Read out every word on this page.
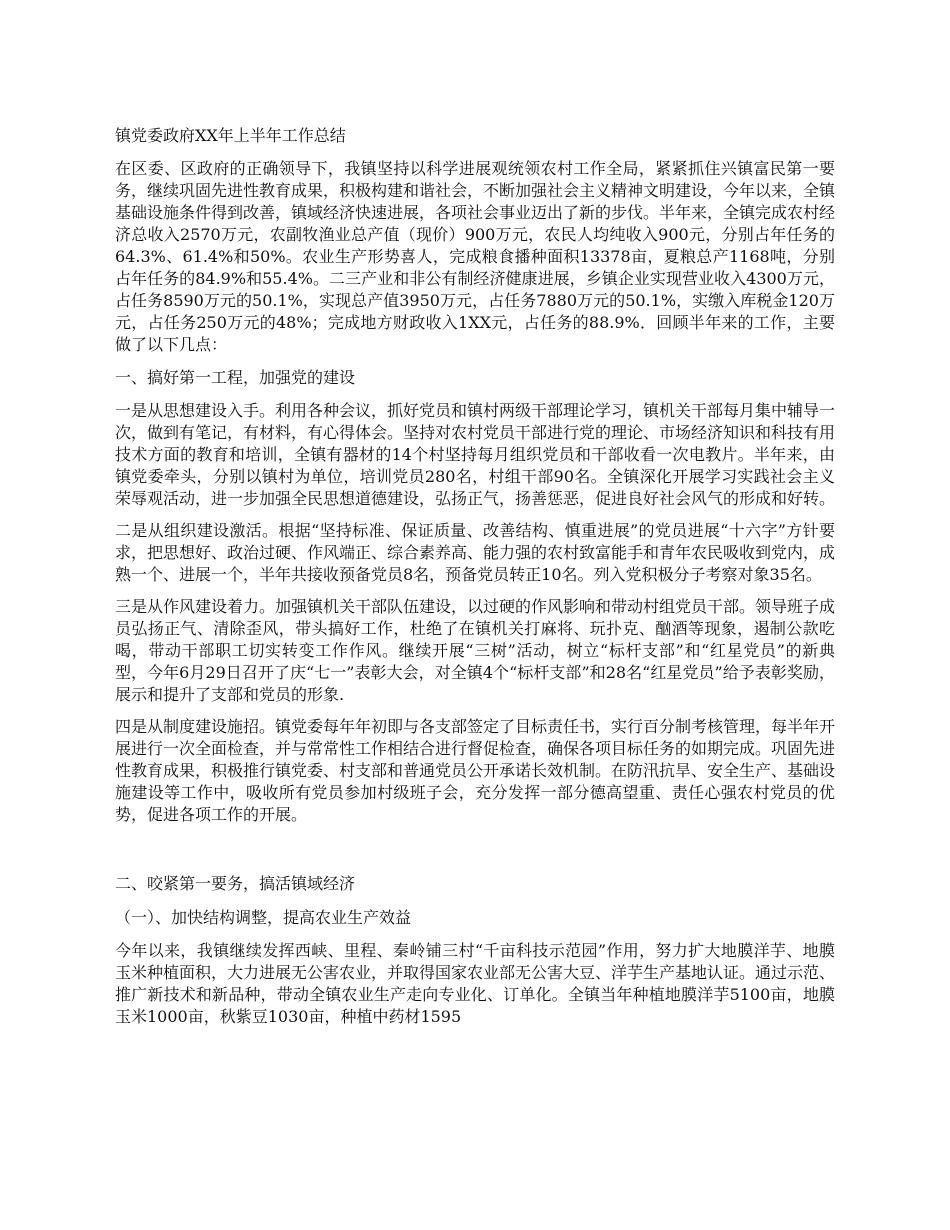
镇党委政府XX年上半年工作总结

在区委、区政府的正确领导下，我镇坚持以科学进展观统领农村工作全局，紧紧抓住兴镇富民第一要务，继续巩固先进性教育成果，积极构建和谐社会，不断加强社会主义精神文明建设，今年以来，全镇基础设施条件得到改善，镇域经济快速进展，各项社会事业迈出了新的步伐。半年来，全镇完成农村经济总收入2570万元，农副牧渔业总产值（现价）900万元，农民人均纯收入900元，分别占年任务的64.3%、61.4%和50%。农业生产形势喜人，完成粮食播种面积13378亩，夏粮总产1168吨，分别占年任务的84.9%和55.4%。二三产业和非公有制经济健康进展，乡镇企业实现营业收入4300万元，占任务8590万元的50.1%，实现总产值3950万元，占任务7880万元的50.1%，实缴入库税金120万元，占任务250万元的48%；完成地方财政收入1XX元，占任务的88.9%．回顾半年来的工作，主要做了以下几点：

一、搞好第一工程，加强党的建设

一是从思想建设入手。利用各种会议，抓好党员和镇村两级干部理论学习，镇机关干部每月集中辅导一次，做到有笔记，有材料，有心得体会。坚持对农村党员干部进行党的理论、市场经济知识和科技有用技术方面的教育和培训，全镇有器材的14个村坚持每月组织党员和干部收看一次电教片。半年来，由镇党委牵头，分别以镇村为单位，培训党员280名，村组干部90名。全镇深化开展学习实践社会主义荣辱观活动，进一步加强全民思想道德建设，弘扬正气，扬善惩恶，促进良好社会风气的形成和好转。

二是从组织建设激活。根据“坚持标准、保证质量、改善结构、慎重进展”的党员进展“十六字”方针要求，把思想好、政治过硬、作风端正、综合素养高、能力强的农村致富能手和青年农民吸收到党内，成熟一个、进展一个，半年共接收预备党员8名，预备党员转正10名。列入党积极分子考察对象35名。

三是从作风建设着力。加强镇机关干部队伍建设，以过硬的作风影响和带动村组党员干部。领导班子成员弘扬正气、清除歪风，带头搞好工作，杜绝了在镇机关打麻将、玩扑克、酗酒等现象，遏制公款吃喝，带动干部职工切实转变工作作风。继续开展“三树”活动，树立“标杆支部”和“红星党员”的新典型，今年6月29日召开了庆“七一”表彰大会，对全镇4个“标杆支部”和28名“红星党员”给予表彰奖励，展示和提升了支部和党员的形象.

四是从制度建设施招。镇党委每年年初即与各支部签定了目标责任书，实行百分制考核管理，每半年开展进行一次全面检查，并与常常性工作相结合进行督促检查，确保各项目标任务的如期完成。巩固先进性教育成果，积极推行镇党委、村支部和普通党员公开承诺长效机制。在防汛抗旱、安全生产、基础设施建设等工作中，吸收所有党员参加村级班子会，充分发挥一部分德高望重、责任心强农村党员的优势，促进各项工作的开展。

二、咬紧第一要务，搞活镇域经济
（一）、加快结构调整，提高农业生产效益

今年以来，我镇继续发挥西峡、里程、秦岭铺三村“千亩科技示范园”作用，努力扩大地膜洋芋、地膜玉米种植面积，大力进展无公害农业，并取得国家农业部无公害大豆、洋芋生产基地认证。通过示范、推广新技术和新品种，带动全镇农业生产走向专业化、订单化。全镇当年种植地膜洋芋5100亩，地膜玉米1000亩，秋紫豆1030亩，种植中药材1595
